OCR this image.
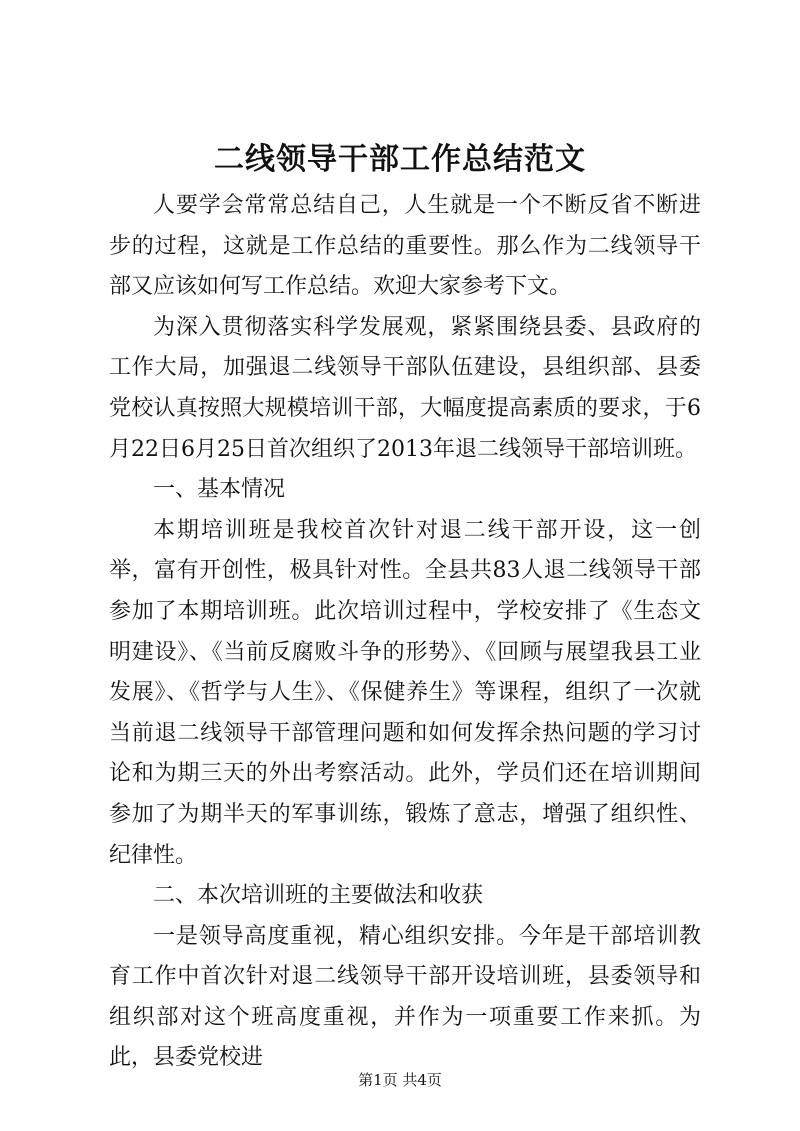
二线领导干部工作总结范文

人要学会常常总结自己，人生就是一个不断反省不断进步的过程，这就是工作总结的重要性。那么作为二线领导干部又应该如何写工作总结。欢迎大家参考下文。

为深入贯彻落实科学发展观，紧紧围绕县委、县政府的工作大局，加强退二线领导干部队伍建设，县组织部、县委党校认真按照大规模培训干部，大幅度提高素质的要求，于6月22日6月25日首次组织了2013年退二线领导干部培训班。

一、基本情况

本期培训班是我校首次针对退二线干部开设，这一创举，富有开创性，极具针对性。全县共83人退二线领导干部参加了本期培训班。此次培训过程中，学校安排了《生态文明建设》、《当前反腐败斗争的形势》、《回顾与展望我县工业发展》、《哲学与人生》、《保健养生》等课程，组织了一次就当前退二线领导干部管理问题和如何发挥余热问题的学习讨论和为期三天的外出考察活动。此外，学员们还在培训期间参加了为期半天的军事训练，锻炼了意志，增强了组织性、纪律性。

二、本次培训班的主要做法和收获

一是领导高度重视，精心组织安排。今年是干部培训教育工作中首次针对退二线领导干部开设培训班，县委领导和组织部对这个班高度重视，并作为一项重要工作来抓。为此，县委党校进

第1页 共4页
